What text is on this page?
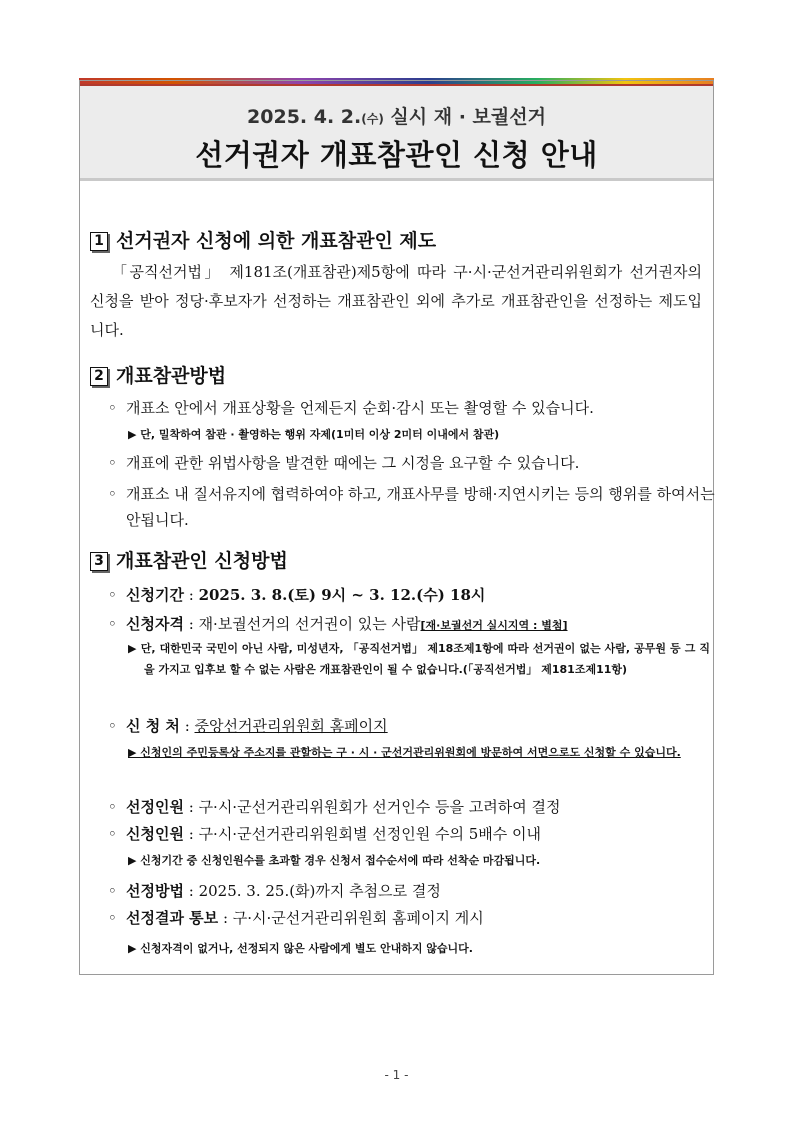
2025. 4. 2.(수) 실시 재 · 보궐선거
선거권자 개표참관인 신청 안내
1 선거권자 신청에 의한 개표참관인 제도
「공직선거법」 제181조(개표참관)제5항에 따라 구·시·군선거관리위원회가 선거권자의 신청을 받아 정당·후보자가 선정하는 개표참관인 외에 추가로 개표참관인을 선정하는 제도입니다.
2 개표참관방법
◦ 개표소 안에서 개표상황을 언제든지 순회·감시 또는 촬영할 수 있습니다.
▶ 단, 밀착하여 참관 · 촬영하는 행위 자제(1미터 이상 2미터 이내에서 참관)
◦ 개표에 관한 위법사항을 발견한 때에는 그 시정을 요구할 수 있습니다.
◦ 개표소 내 질서유지에 협력하여야 하고, 개표사무를 방해·지연시키는 등의 행위를 하여서는 안됩니다.
3 개표참관인 신청방법
◦ 신청기간 : 2025. 3. 8.(토) 9시 ~ 3. 12.(수) 18시
◦ 신청자격 : 재·보궐선거의 선거권이 있는 사람[재·보궐선거 실시지역 : 별첨]
▶ 단, 대한민국 국민이 아닌 사람, 미성년자, 「공직선거법」 제18조제1항에 따라 선거권이 없는 사람, 공무원 등 그 직을 가지고 입후보 할 수 없는 사람은 개표참관인이 될 수 없습니다.(「공직선거법」 제181조제11항)
◦ 신 청 처 : 중앙선거관리위원회 홈페이지
▶ 신청인의 주민등록상 주소지를 관할하는 구 · 시 · 군선거관리위원회에 방문하여 서면으로도 신청할 수 있습니다.
◦ 선정인원 : 구·시·군선거관리위원회가 선거인수 등을 고려하여 결정
◦ 신청인원 : 구·시·군선거관리위원회별 선정인원 수의 5배수 이내
▶ 신청기간 중 신청인원수를 초과할 경우 신청서 접수순서에 따라 선착순 마감됩니다.
◦ 선정방법 : 2025. 3. 25.(화)까지 추첨으로 결정
◦ 선정결과 통보 : 구·시·군선거관리위원회 홈페이지 게시
▶ 신청자격이 없거나, 선정되지 않은 사람에게 별도 안내하지 않습니다.
- 1 -
